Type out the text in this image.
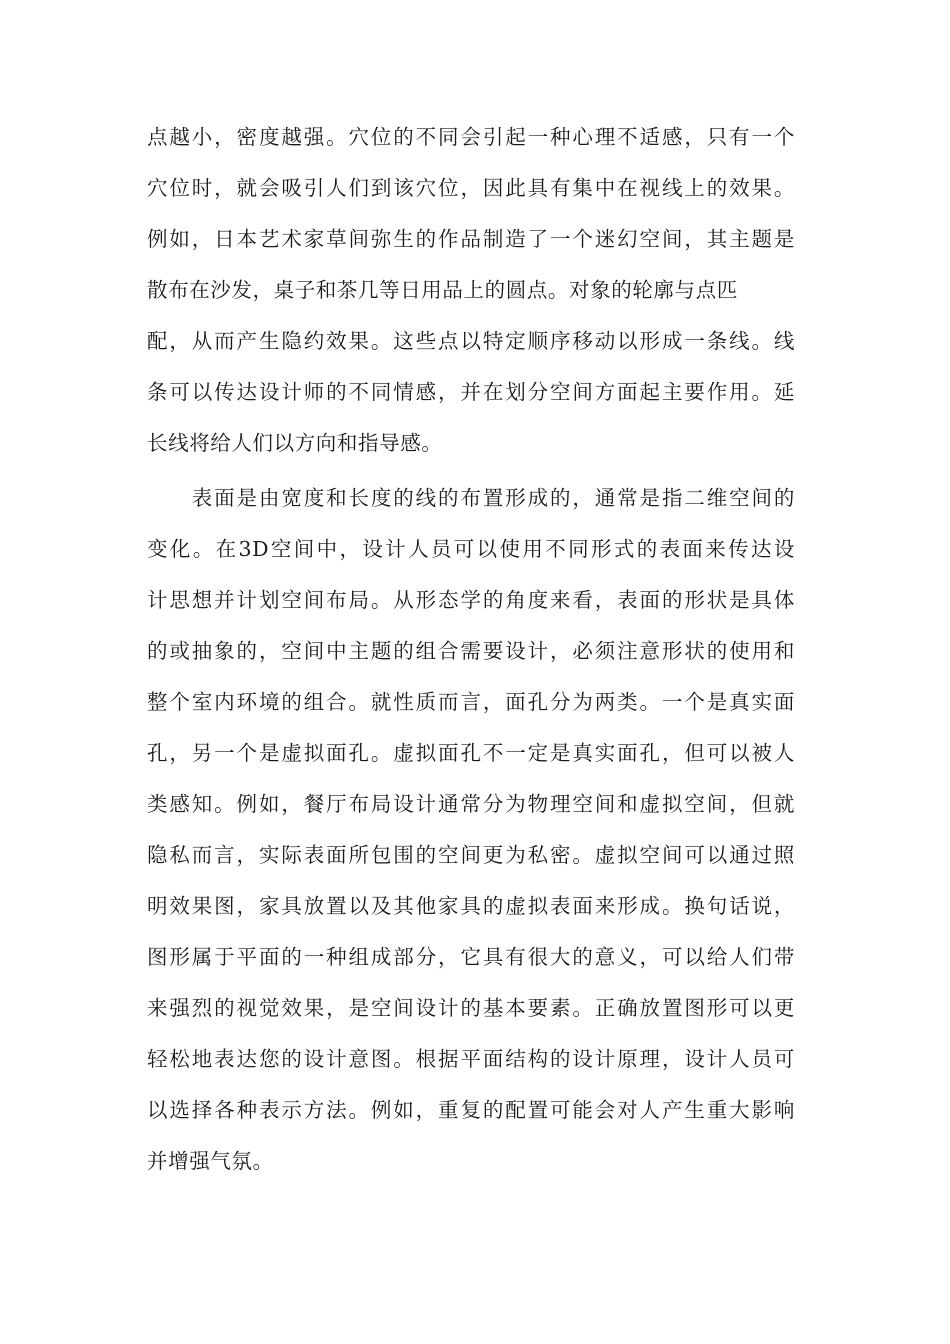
点越小，密度越强。穴位的不同会引起一种心理不适感，只有一个
穴位时，就会吸引人们到该穴位，因此具有集中在视线上的效果。
例如，日本艺术家草间弥生的作品制造了一个迷幻空间，其主题是
散布在沙发，桌子和茶几等日用品上的圆点。对象的轮廓与点匹
配，从而产生隐约效果。这些点以特定顺序移动以形成一条线。线
条可以传达设计师的不同情感，并在划分空间方面起主要作用。延
长线将给人们以方向和指导感。
　　表面是由宽度和长度的线的布置形成的，通常是指二维空间的
变化。在3D空间中，设计人员可以使用不同形式的表面来传达设
计思想并计划空间布局。从形态学的角度来看，表面的形状是具体
的或抽象的，空间中主题的组合需要设计，必须注意形状的使用和
整个室内环境的组合。就性质而言，面孔分为两类。一个是真实面
孔，另一个是虚拟面孔。虚拟面孔不一定是真实面孔，但可以被人
类感知。例如，餐厅布局设计通常分为物理空间和虚拟空间，但就
隐私而言，实际表面所包围的空间更为私密。虚拟空间可以通过照
明效果图，家具放置以及其他家具的虚拟表面来形成。换句话说，
图形属于平面的一种组成部分，它具有很大的意义，可以给人们带
来强烈的视觉效果，是空间设计的基本要素。正确放置图形可以更
轻松地表达您的设计意图。根据平面结构的设计原理，设计人员可
以选择各种表示方法。例如，重复的配置可能会对人产生重大影响
并增强气氛。
